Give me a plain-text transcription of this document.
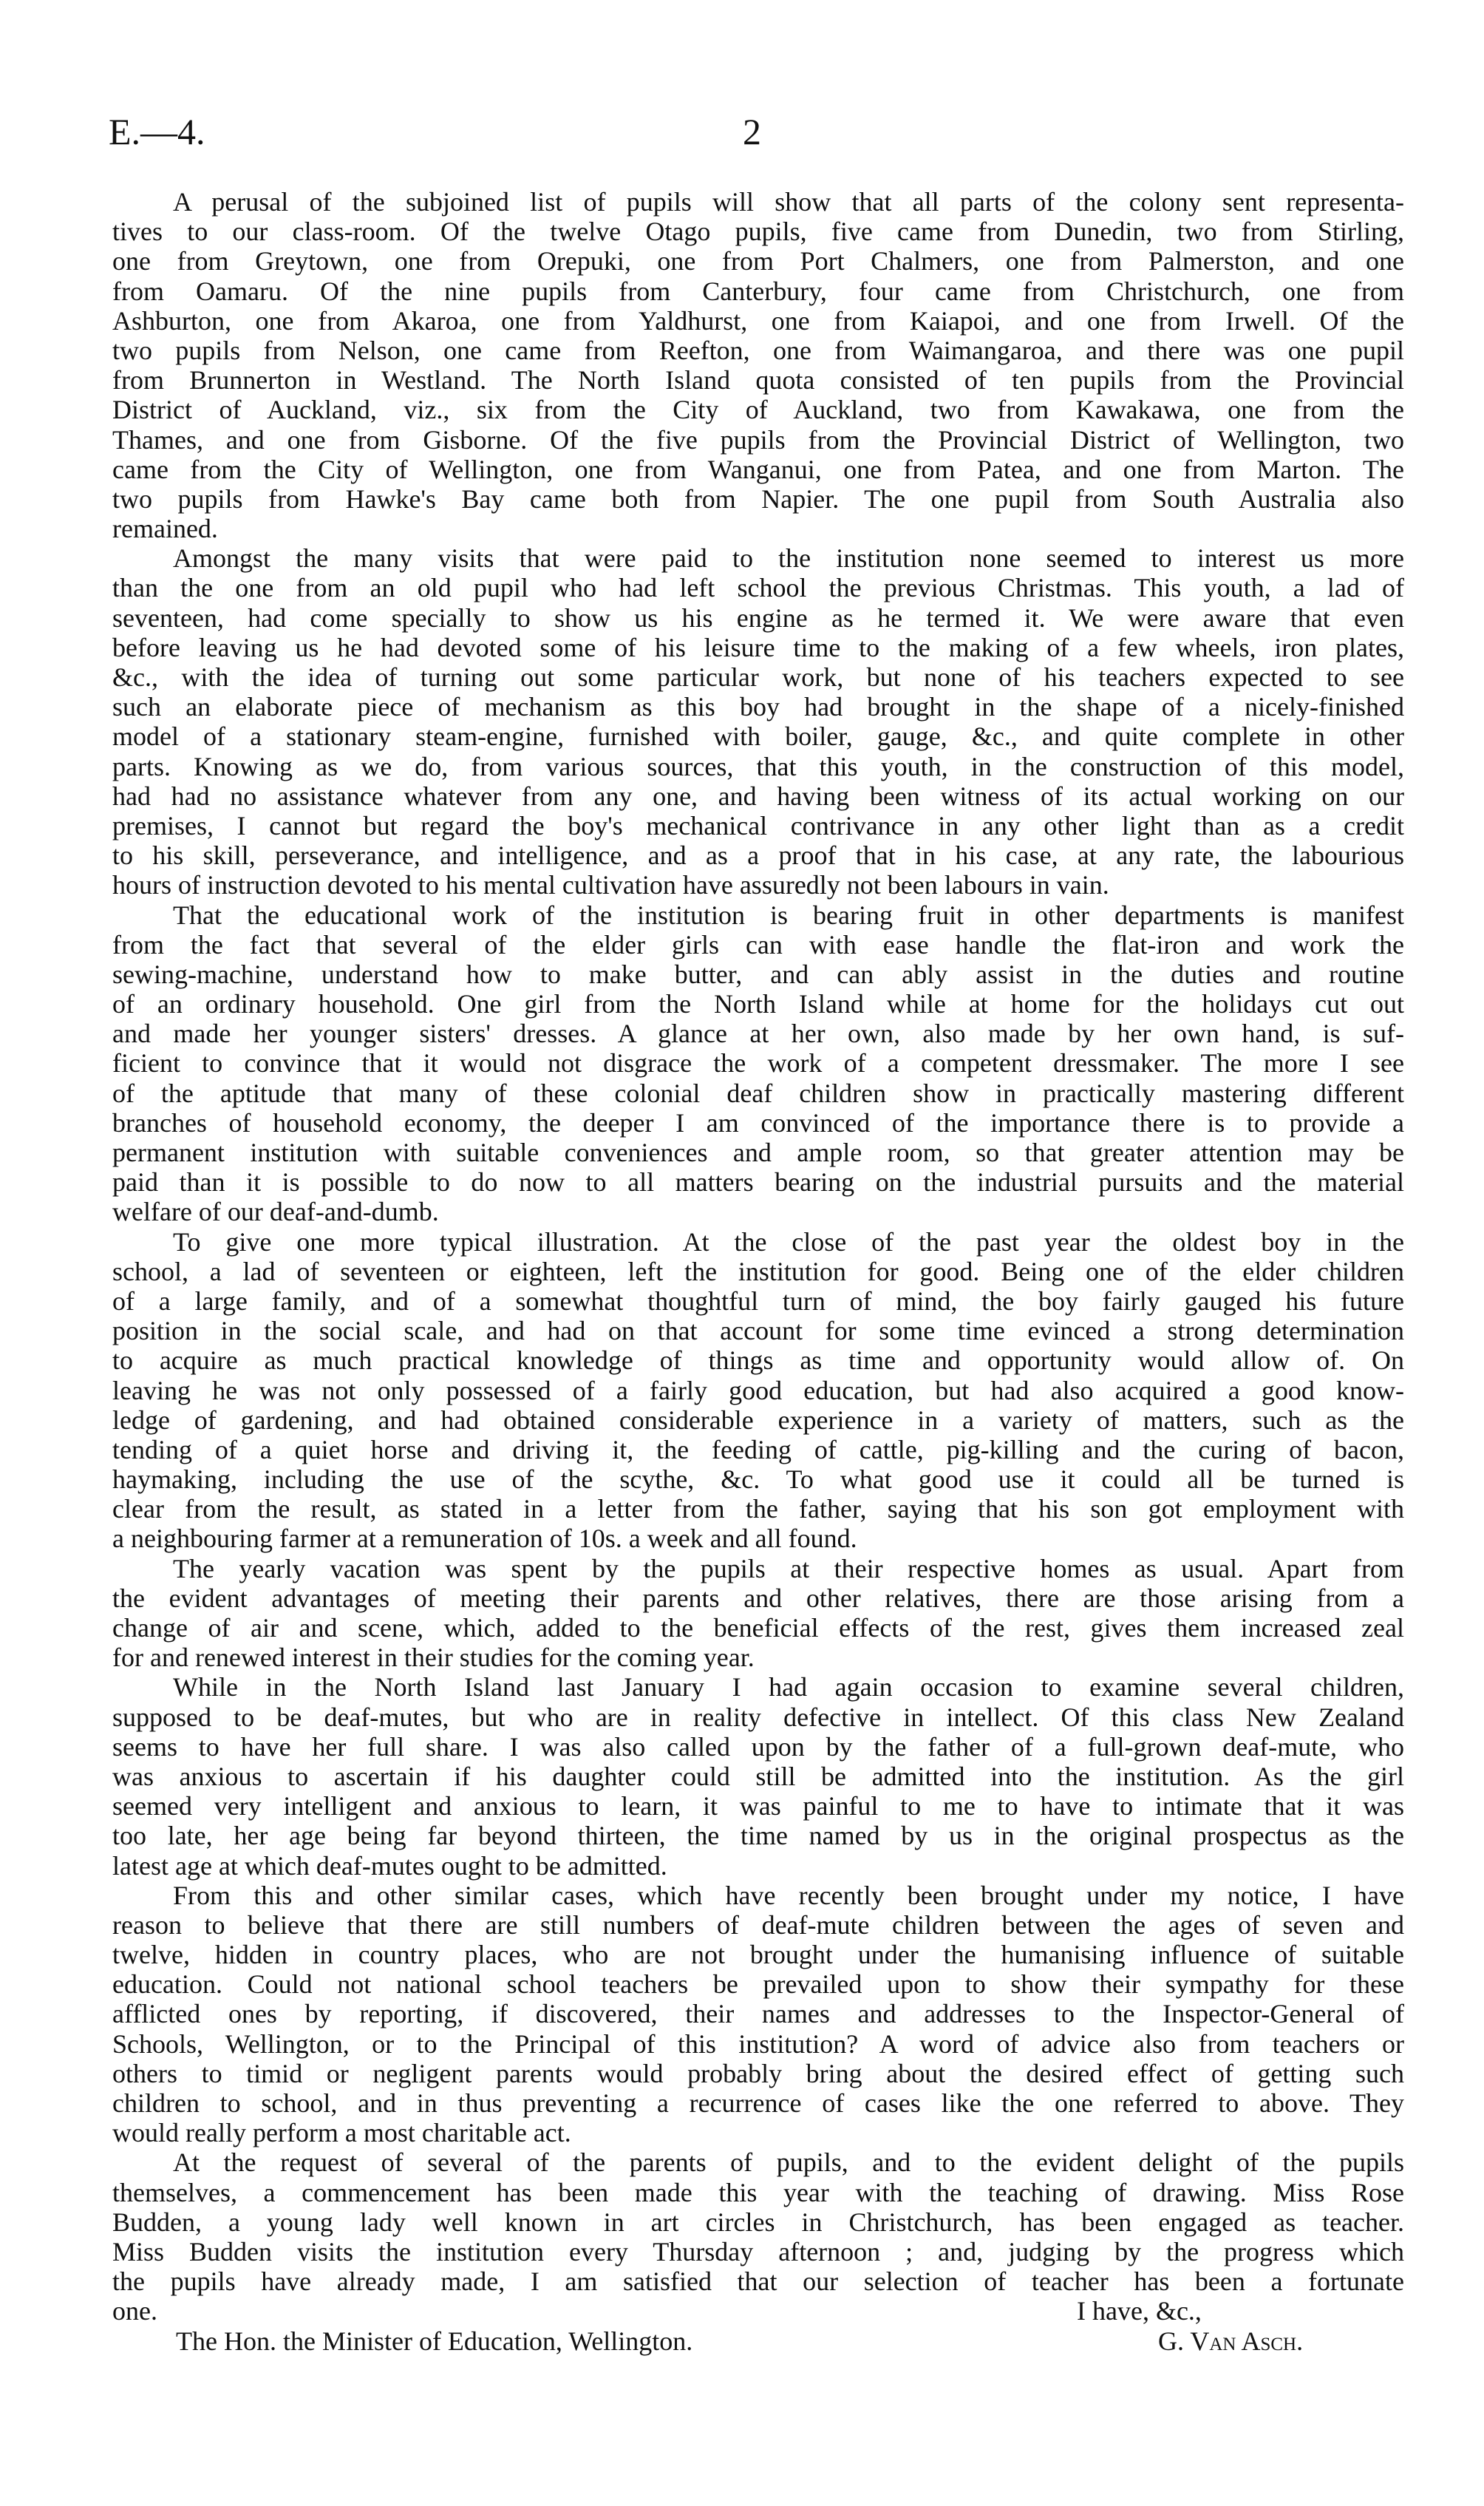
E.—4.	2
A perusal of the subjoined list of pupils will show that all parts of the colony sent representa-
tives to our class-room. Of the twelve Otago pupils, five came from Dunedin, two from Stirling,
one from Greytown, one from Orepuki, one from Port Chalmers, one from Palmerston, and one
from Oamaru. Of the nine pupils from Canterbury, four came from Christchurch, one from
Ashburton, one from Akaroa, one from Yaldhurst, one from Kaiapoi, and one from Irwell. Of the
two pupils from Nelson, one came from Reefton, one from Waimangaroa, and there was one pupil
from Brunnerton in Westland. The North Island quota consisted of ten pupils from the Provincial
District of Auckland, viz., six from the City of Auckland, two from Kawakawa, one from the
Thames, and one from Gisborne. Of the five pupils from the Provincial District of Wellington, two
came from the City of Wellington, one from Wanganui, one from Patea, and one from Marton. The
two pupils from Hawke's Bay came both from Napier. The one pupil from South Australia also
remained.
Amongst the many visits that were paid to the institution none seemed to interest us more
than the one from an old pupil who had left school the previous Christmas. This youth, a lad of
seventeen, had come specially to show us his engine as he termed it. We were aware that even
before leaving us he had devoted some of his leisure time to the making of a few wheels, iron plates,
&c., with the idea of turning out some particular work, but none of his teachers expected to see
such an elaborate piece of mechanism as this boy had brought in the shape of a nicely-finished
model of a stationary steam-engine, furnished with boiler, gauge, &c., and quite complete in other
parts. Knowing as we do, from various sources, that this youth, in the construction of this model,
had had no assistance whatever from any one, and having been witness of its actual working on our
premises, I cannot but regard the boy's mechanical contrivance in any other light than as a credit
to his skill, perseverance, and intelligence, and as a proof that in his case, at any rate, the labourious
hours of instruction devoted to his mental cultivation have assuredly not been labours in vain.
That the educational work of the institution is bearing fruit in other departments is manifest
from the fact that several of the elder girls can with ease handle the flat-iron and work the
sewing-machine, understand how to make butter, and can ably assist in the duties and routine
of an ordinary household. One girl from the North Island while at home for the holidays cut out
and made her younger sisters' dresses. A glance at her own, also made by her own hand, is suf-
ficient to convince that it would not disgrace the work of a competent dressmaker. The more I see
of the aptitude that many of these colonial deaf children show in practically mastering different
branches of household economy, the deeper I am convinced of the importance there is to provide a
permanent institution with suitable conveniences and ample room, so that greater attention may be
paid than it is possible to do now to all matters bearing on the industrial pursuits and the material
welfare of our deaf-and-dumb.
To give one more typical illustration. At the close of the past year the oldest boy in the
school, a lad of seventeen or eighteen, left the institution for good. Being one of the elder children
of a large family, and of a somewhat thoughtful turn of mind, the boy fairly gauged his future
position in the social scale, and had on that account for some time evinced a strong determination
to acquire as much practical knowledge of things as time and opportunity would allow of. On
leaving he was not only possessed of a fairly good education, but had also acquired a good know-
ledge of gardening, and had obtained considerable experience in a variety of matters, such as the
tending of a quiet horse and driving it, the feeding of cattle, pig-killing and the curing of bacon,
haymaking, including the use of the scythe, &c. To what good use it could all be turned is
clear from the result, as stated in a letter from the father, saying that his son got employment with
a neighbouring farmer at a remuneration of 10s. a week and all found.
The yearly vacation was spent by the pupils at their respective homes as usual. Apart from
the evident advantages of meeting their parents and other relatives, there are those arising from a
change of air and scene, which, added to the beneficial effects of the rest, gives them increased zeal
for and renewed interest in their studies for the coming year.
While in the North Island last January I had again occasion to examine several children,
supposed to be deaf-mutes, but who are in reality defective in intellect. Of this class New Zealand
seems to have her full share. I was also called upon by the father of a full-grown deaf-mute, who
was anxious to ascertain if his daughter could still be admitted into the institution. As the girl
seemed very intelligent and anxious to learn, it was painful to me to have to intimate that it was
too late, her age being far beyond thirteen, the time named by us in the original prospectus as the
latest age at which deaf-mutes ought to be admitted.
From this and other similar cases, which have recently been brought under my notice, I have
reason to believe that there are still numbers of deaf-mute children between the ages of seven and
twelve, hidden in country places, who are not brought under the humanising influence of suitable
education. Could not national school teachers be prevailed upon to show their sympathy for these
afflicted ones by reporting, if discovered, their names and addresses to the Inspector-General of
Schools, Wellington, or to the Principal of this institution? A word of advice also from teachers or
others to timid or negligent parents would probably bring about the desired effect of getting such
children to school, and in thus preventing a recurrence of cases like the one referred to above. They
would really perform a most charitable act.
At the request of several of the parents of pupils, and to the evident delight of the pupils
themselves, a commencement has been made this year with the teaching of drawing. Miss Rose
Budden, a young lady well known in art circles in Christchurch, has been engaged as teacher.
Miss Budden visits the institution every Thursday afternoon ; and, judging by the progress which
the pupils have already made, I am satisfied that our selection of teacher has been a fortunate
one.	I have, &c.,
The Hon. the Minister of Education, Wellington.	G. Van Asch.
